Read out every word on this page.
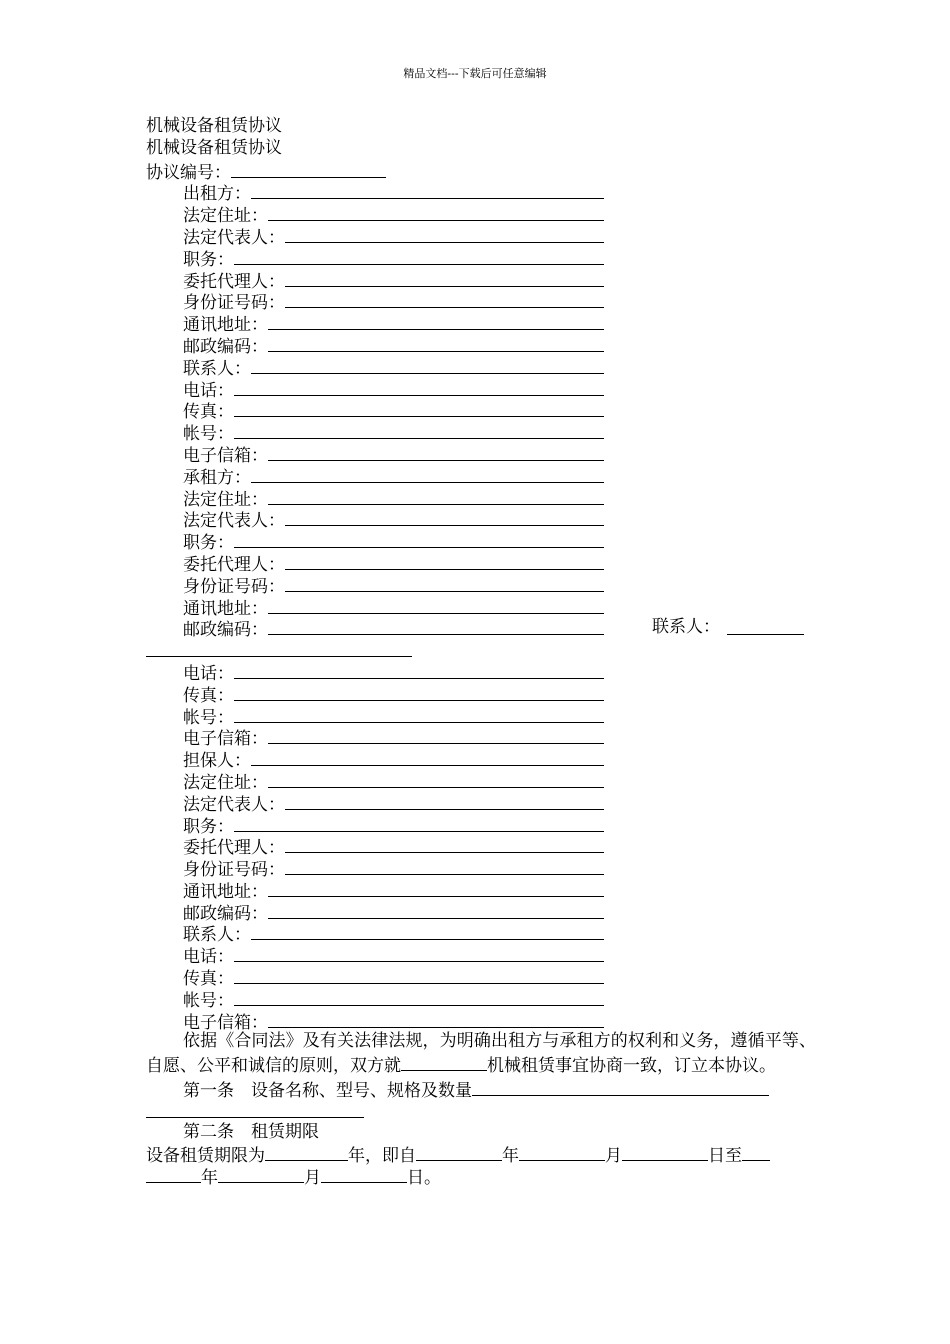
精品文档---下载后可任意编辑
机械设备租赁协议
机械设备租赁协议
协议编号：
出租方：
法定住址：
法定代表人：
职务：
委托代理人：
身份证号码：
通讯地址：
邮政编码：
联系人：
电话：
传真：
帐号：
电子信箱：
承租方：
法定住址：
法定代表人：
职务：
委托代理人：
身份证号码：
通讯地址：
邮政编码：	联系人：
电话：
传真：
帐号：
电子信箱：
担保人：
法定住址：
法定代表人：
职务：
委托代理人：
身份证号码：
通讯地址：
邮政编码：
联系人：
电话：
传真：
帐号：
电子信箱：
依据《合同法》及有关法律法规，为明确出租方与承租方的权利和义务，遵循平等、自愿、公平和诚信的原则，双方就	机械租赁事宜协商一致，订立本协议。
第一条　设备名称、型号、规格及数量
第二条　租赁期限
设备租赁期限为	年，即自	年	月	日至
年	月	日。
